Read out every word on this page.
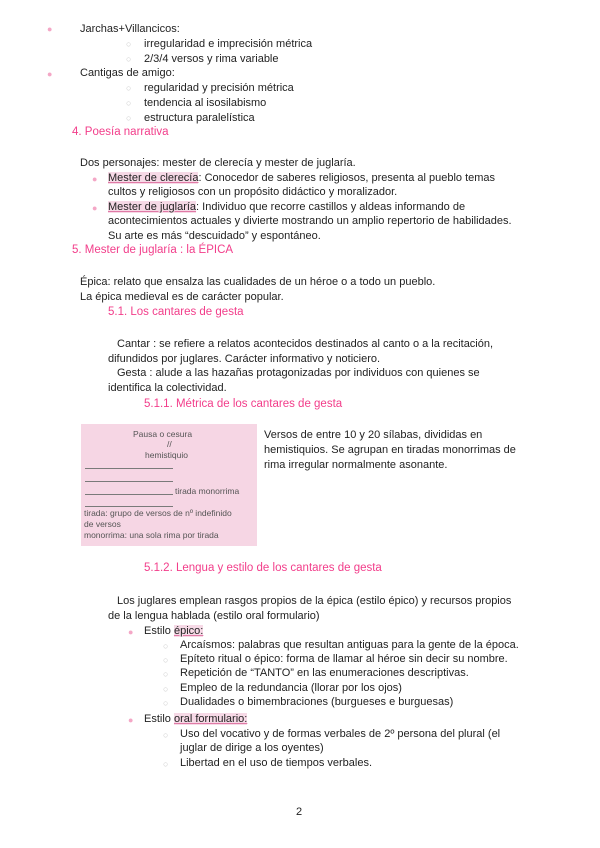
●	Jarchas+Villancicos:
○ irregularidad e imprecisión métrica
○ 2/3/4 versos y rima variable
●	Cantigas de amigo:
○ regularidad y precisión métrica
○ tendencia al isosilabismo
○ estructura paralelística
4. Poesía narrativa
Dos personajes: mester de clerecía y mester de juglaría.
● Mester de clerecía: Conocedor de saberes religiosos, presenta al pueblo temas
cultos y religiosos con un propósito didáctico y moralizador.
● Mester de juglaría: Individuo que recorre castillos y aldeas informando de
acontecimientos actuales y divierte mostrando un amplio repertorio de habilidades.
Su arte es más “descuidado” y espontáneo.
5. Mester de juglaría : la ÉPICA
Épica: relato que ensalza las cualidades de un héroe o a todo un pueblo.
La épica medieval es de carácter popular.
5.1. Los cantares de gesta
Cantar : se refiere a relatos acontecidos destinados al canto o a la recitación,
difundidos por juglares. Carácter informativo y noticiero.
Gesta : alude a las hazañas protagonizadas por individuos con quienes se
identifica la colectividad.
5.1.1. Métrica de los cantares de gesta
Pausa o cesura
//
hemistiquio
tirada monorrima
tirada: grupo de versos de nº indefinido
de versos
monorrima: una sola rima por tirada
Versos de entre 10 y 20 sílabas, divididas en
hemistiquios. Se agrupan en tiradas monorrimas de
rima irregular normalmente asonante.
5.1.2. Lengua y estilo de los cantares de gesta
Los juglares emplean rasgos propios de la épica (estilo épico) y recursos propios
de la lengua hablada (estilo oral formulario)
● Estilo épico:
○ Arcaísmos: palabras que resultan antiguas para la gente de la época.
○ Epíteto ritual o épico: forma de llamar al héroe sin decir su nombre.
○ Repetición de “TANTO” en las enumeraciones descriptivas.
○ Empleo de la redundancia (llorar por los ojos)
○ Dualidades o bimembraciones (burgueses e burguesas)
● Estilo oral formulario:
○ Uso del vocativo y de formas verbales de 2º persona del plural (el
juglar de dirige a los oyentes)
○ Libertad en el uso de tiempos verbales.
2
